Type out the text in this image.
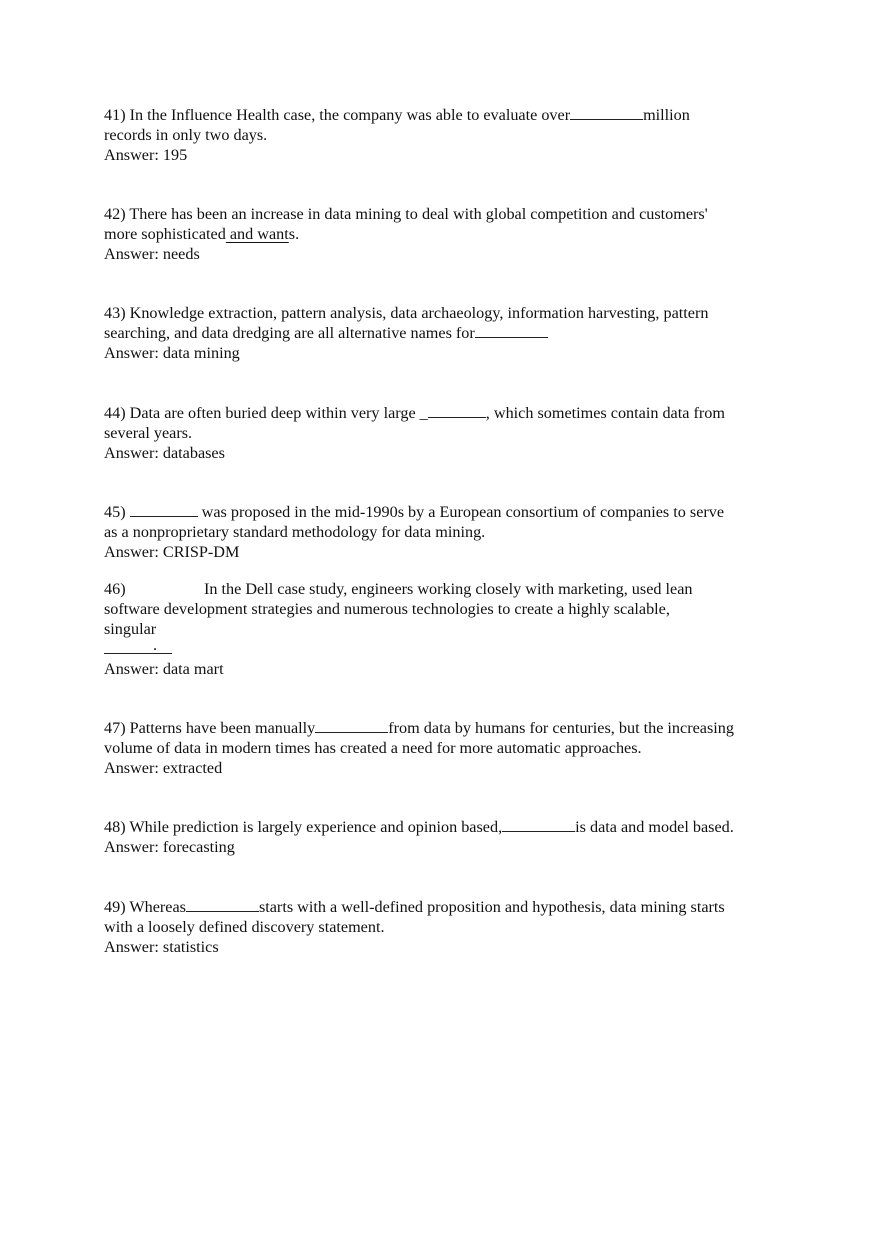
41) In the Influence Health case, the company was able to evaluate over	million
records in only two days.
Answer: 195
42) There has been an increase in data mining to deal with global competition and customers'
more sophisticated and wants.
Answer: needs
43) Knowledge extraction, pattern analysis, data archaeology, information harvesting, pattern
searching, and data dredging are all alternative names for
Answer: data mining
44) Data are often buried deep within very large _	, which sometimes contain data from
several years.
Answer: databases
45)	was proposed in the mid-1990s by a European consortium of companies to serve
as a nonproprietary standard methodology for data mining.
Answer: CRISP-DM
46)	In the Dell case study, engineers working closely with marketing, used lean
software development strategies and numerous technologies to create a highly scalable,
singular
.
Answer: data mart
47) Patterns have been manually	from data by humans for centuries, but the increasing
volume of data in modern times has created a need for more automatic approaches.
Answer: extracted
48) While prediction is largely experience and opinion based,	is data and model based.
Answer: forecasting
49) Whereas	starts with a well-defined proposition and hypothesis, data mining starts
with a loosely defined discovery statement.
Answer: statistics
